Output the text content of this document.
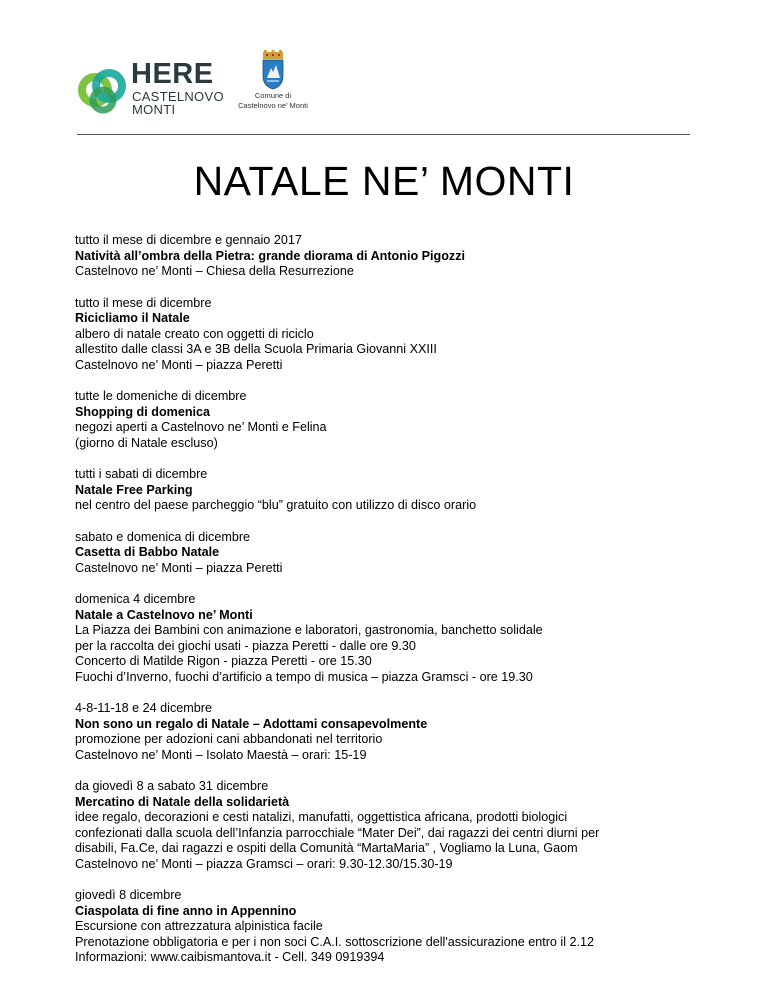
HERE
CASTELNOVO
MONTI
Comune di
Castelnovo ne’ Monti
NATALE NE’ MONTI
tutto il mese di dicembre e gennaio 2017
Natività all’ombra della Pietra: grande diorama di Antonio Pigozzi
Castelnovo ne’ Monti – Chiesa della Resurrezione
tutto il mese di dicembre
Ricicliamo il Natale
albero di natale creato con oggetti di riciclo
allestito dalle classi 3A e 3B della Scuola Primaria Giovanni XXIII
Castelnovo ne’ Monti – piazza Peretti
tutte le domeniche di dicembre
Shopping di domenica
negozi aperti a Castelnovo ne’ Monti e Felina
(giorno di Natale escluso)
tutti i sabati di dicembre
Natale Free Parking
nel centro del paese parcheggio “blu” gratuito con utilizzo di disco orario
sabato e domenica di dicembre
Casetta di Babbo Natale
Castelnovo ne’ Monti – piazza Peretti
domenica 4 dicembre
Natale a Castelnovo ne’ Monti
La Piazza dei Bambini con animazione e laboratori, gastronomia, banchetto solidale
per la raccolta dei giochi usati - piazza Peretti - dalle ore 9.30
Concerto di Matilde Rigon - piazza Peretti - ore 15.30
Fuochi d’Inverno, fuochi d’artificio a tempo di musica – piazza Gramsci - ore 19.30
4-8-11-18 e 24 dicembre
Non sono un regalo di Natale – Adottami consapevolmente
promozione per adozioni cani abbandonati nel territorio
Castelnovo ne’ Monti – Isolato Maestà – orari: 15-19
da giovedì 8 a sabato 31 dicembre
Mercatino di Natale della solidarietà
idee regalo, decorazioni e cesti natalizi, manufatti, oggettistica africana, prodotti biologici
confezionati dalla scuola dell’Infanzia parrocchiale “Mater Dei”, dai ragazzi dei centri diurni per
disabili, Fa.Ce, dai ragazzi e ospiti della Comunità “MartaMaria” , Vogliamo la Luna, Gaom
Castelnovo ne’ Monti – piazza Gramsci – orari: 9.30-12.30/15.30-19
giovedì 8 dicembre
Ciaspolata di fine anno in Appennino
Escursione con attrezzatura alpinistica facile
Prenotazione obbligatoria e per i non soci C.A.I. sottoscrizione dell'assicurazione entro il 2.12
Informazioni: www.caibismantova.it - Cell. 349 0919394
